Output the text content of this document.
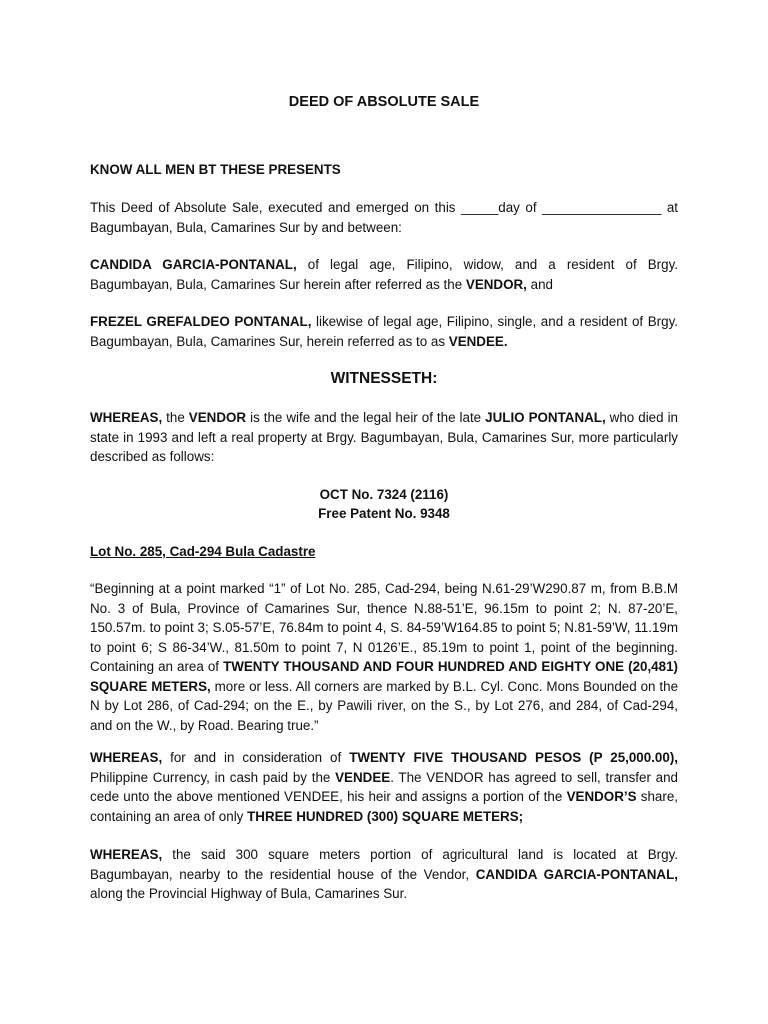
DEED OF ABSOLUTE SALE

KNOW ALL MEN BT THESE PRESENTS

This Deed of Absolute Sale, executed and emerged on this _____day of ________________ at Bagumbayan, Bula, Camarines Sur by and between:

CANDIDA GARCIA-PONTANAL, of legal age, Filipino, widow, and a resident of Brgy. Bagumbayan, Bula, Camarines Sur herein after referred as the VENDOR, and

FREZEL GREFALDEO PONTANAL, likewise of legal age, Filipino, single, and a resident of Brgy. Bagumbayan, Bula, Camarines Sur, herein referred as to as VENDEE.

WITNESSETH:

WHEREAS, the VENDOR is the wife and the legal heir of the late JULIO PONTANAL, who died in state in 1993 and left a real property at Brgy. Bagumbayan, Bula, Camarines Sur, more particularly described as follows:

OCT No. 7324 (2116)

Free Patent No. 9348

Lot No. 285, Cad-294 Bula Cadastre

“Beginning at a point marked “1” of Lot No. 285, Cad-294, being N.61-29’W290.87 m, from B.B.M No. 3 of Bula, Province of Camarines Sur, thence N.88-51’E, 96.15m to point 2; N. 87-20’E, 150.57m. to point 3; S.05-57’E, 76.84m to point 4, S. 84-59’W164.85 to point 5; N.81-59’W, 11.19m to point 6; S 86-34’W., 81.50m to point 7, N 0126’E., 85.19m to point 1, point of the beginning. Containing an area of TWENTY THOUSAND AND FOUR HUNDRED AND EIGHTY ONE (20,481) SQUARE METERS, more or less. All corners are marked by B.L. Cyl. Conc. Mons Bounded on the N by Lot 286, of Cad-294; on the E., by Pawili river, on the S., by Lot 276, and 284, of Cad-294, and on the W., by Road. Bearing true.”

WHEREAS, for and in consideration of TWENTY FIVE THOUSAND PESOS (P 25,000.00), Philippine Currency, in cash paid by the VENDEE. The VENDOR has agreed to sell, transfer and cede unto the above mentioned VENDEE, his heir and assigns a portion of the VENDOR’S share, containing an area of only THREE HUNDRED (300) SQUARE METERS;

WHEREAS, the said 300 square meters portion of agricultural land is located at Brgy. Bagumbayan, nearby to the residential house of the Vendor, CANDIDA GARCIA-PONTANAL, along the Provincial Highway of Bula, Camarines Sur.
